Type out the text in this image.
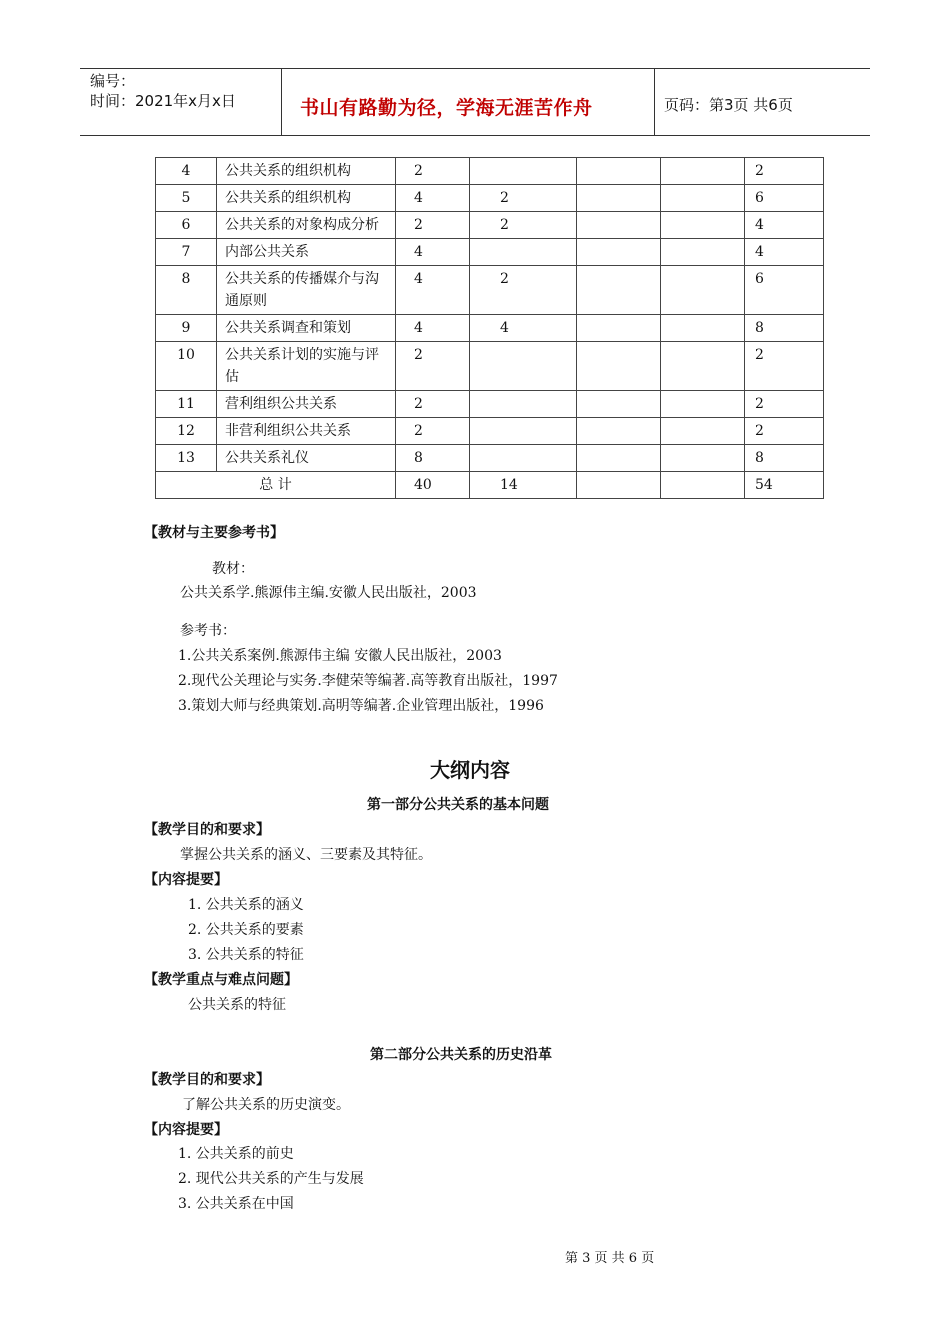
编号：
时间：2021年x月x日	书山有路勤为径，学海无涯苦作舟	页码：第3页 共6页
4	公共关系的组织机构	2				2
5	公共关系的组织机构	4	2			6
6	公共关系的对象构成分析	2	2			4
7	内部公共关系	4				4
8	公共关系的传播媒介与沟通原则	4	2			6
9	公共关系调查和策划	4	4			8
10	公共关系计划的实施与评估	2				2
11	营利组织公共关系	2				2
12	非营利组织公共关系	2				2
13	公共关系礼仪	8				8
总 计		40	14			54
【教材与主要参考书】
教材：
公共关系学.熊源伟主编.安徽人民出版社，2003
参考书：
1.公共关系案例.熊源伟主编 安徽人民出版社，2003
2.现代公关理论与实务.李健荣等编著.高等教育出版社，1997
3.策划大师与经典策划.高明等编著.企业管理出版社，1996
大纲内容
第一部分公共关系的基本问题
【教学目的和要求】
掌握公共关系的涵义、三要素及其特征。
【内容提要】
1. 公共关系的涵义
2. 公共关系的要素
3. 公共关系的特征
【教学重点与难点问题】
公共关系的特征
第二部分公共关系的历史沿革
【教学目的和要求】
了解公共关系的历史演变。
【内容提要】
1. 公共关系的前史
2. 现代公共关系的产生与发展
3. 公共关系在中国
第 3 页 共 6 页
